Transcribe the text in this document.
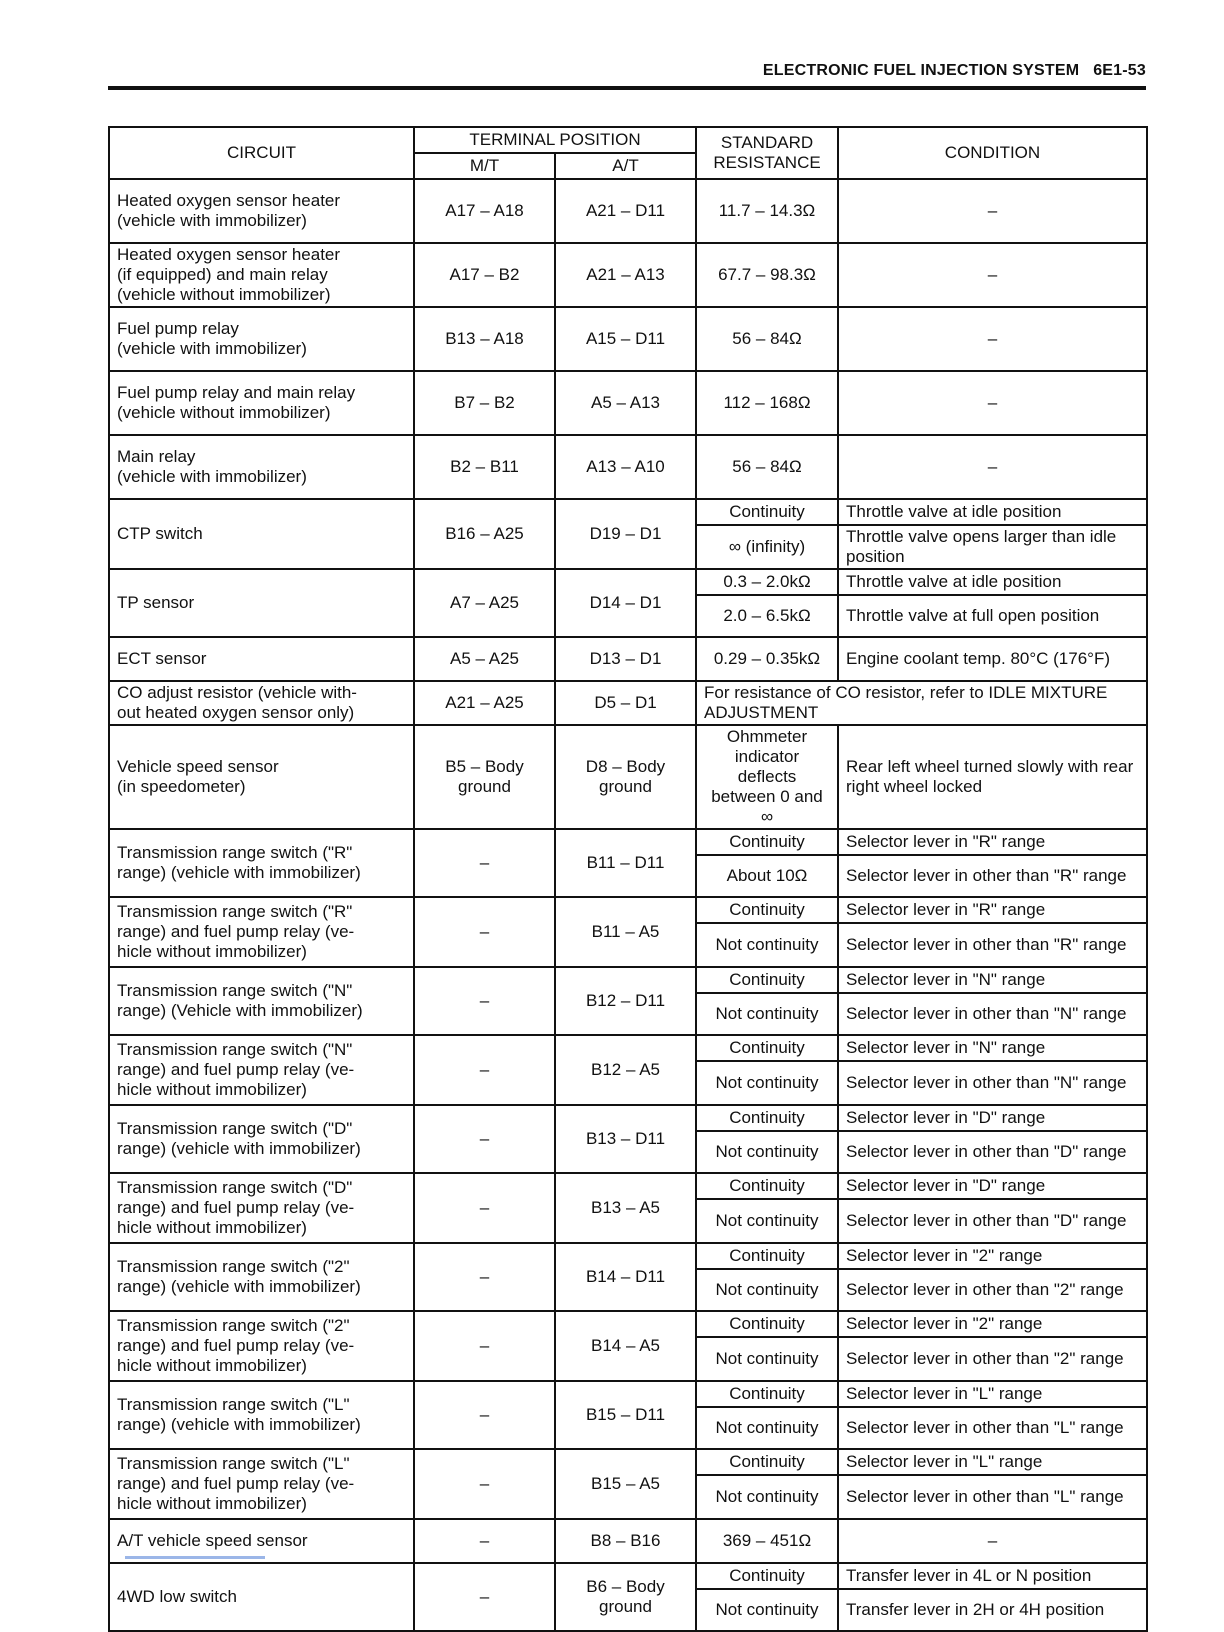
ELECTRONIC FUEL INJECTION SYSTEM 6E1-53
CIRCUIT	TERMINAL POSITION		STANDARD
RESISTANCE	CONDITION
	M/T	A/T		

Heated oxygen sensor heater
(vehicle with immobilizer)	A17 – A18	A21 – D11	11.7 – 14.3Ω	–

Heated oxygen sensor heater
(if equipped) and main relay
(vehicle without immobilizer)	A17 – B2	A21 – A13	67.7 – 98.3Ω	–

Fuel pump relay
(vehicle with immobilizer)	B13 – A18	A15 – D11	56 – 84Ω	–

Fuel pump relay and main relay
(vehicle without immobilizer)	B7 – B2	A5 – A13	112 – 168Ω	–

Main relay
(vehicle with immobilizer)	B2 – B11	A13 – A10	56 – 84Ω	–

CTP switch	B16 – A25	D19 – D1	Continuity	Throttle valve at idle position
			∞ (infinity)	Throttle valve opens larger than idle position

TP sensor	A7 – A25	D14 – D1	0.3 – 2.0kΩ	Throttle valve at idle position
			2.0 – 6.5kΩ	Throttle valve at full open position

ECT sensor	A5 – A25	D13 – D1	0.29 – 0.35kΩ	Engine coolant temp. 80°C (176°F)

CO adjust resistor (vehicle with-
out heated oxygen sensor only)	A21 – A25	D5 – D1	For resistance of CO resistor, refer to IDLE MIXTURE ADJUSTMENT	

Vehicle speed sensor
(in speedometer)	B5 – Body ground	D8 – Body ground	Ohmmeter indicator deflects between 0 and ∞	Rear left wheel turned slowly with rear right wheel locked

Transmission range switch ("R"
range) (vehicle with immobilizer)	–	B11 – D11	Continuity	Selector lever in "R" range
			About 10Ω	Selector lever in other than "R" range

Transmission range switch ("R"
range) and fuel pump relay (ve-
hicle without immobilizer)	–	B11 – A5	Continuity	Selector lever in "R" range
			Not continuity	Selector lever in other than "R" range

Transmission range switch ("N"
range) (Vehicle with immobilizer)	–	B12 – D11	Continuity	Selector lever in "N" range
			Not continuity	Selector lever in other than "N" range

Transmission range switch ("N"
range) and fuel pump relay (ve-
hicle without immobilizer)	–	B12 – A5	Continuity	Selector lever in "N" range
			Not continuity	Selector lever in other than "N" range

Transmission range switch ("D"
range) (vehicle with immobilizer)	–	B13 – D11	Continuity	Selector lever in "D" range
			Not continuity	Selector lever in other than "D" range

Transmission range switch ("D"
range) and fuel pump relay (ve-
hicle without immobilizer)	–	B13 – A5	Continuity	Selector lever in "D" range
			Not continuity	Selector lever in other than "D" range

Transmission range switch ("2"
range) (vehicle with immobilizer)	–	B14 – D11	Continuity	Selector lever in "2" range
			Not continuity	Selector lever in other than "2" range

Transmission range switch ("2"
range) and fuel pump relay (ve-
hicle without immobilizer)	–	B14 – A5	Continuity	Selector lever in "2" range
			Not continuity	Selector lever in other than "2" range

Transmission range switch ("L"
range) (vehicle with immobilizer)	–	B15 – D11	Continuity	Selector lever in "L" range
			Not continuity	Selector lever in other than "L" range

Transmission range switch ("L"
range) and fuel pump relay (ve-
hicle without immobilizer)	–	B15 – A5	Continuity	Selector lever in "L" range
			Not continuity	Selector lever in other than "L" range

A/T vehicle speed sensor	–	B8 – B16	369 – 451Ω	–

4WD low switch	–	B6 – Body ground	Continuity	Transfer lever in 4L or N position
			Not continuity	Transfer lever in 2H or 4H position
